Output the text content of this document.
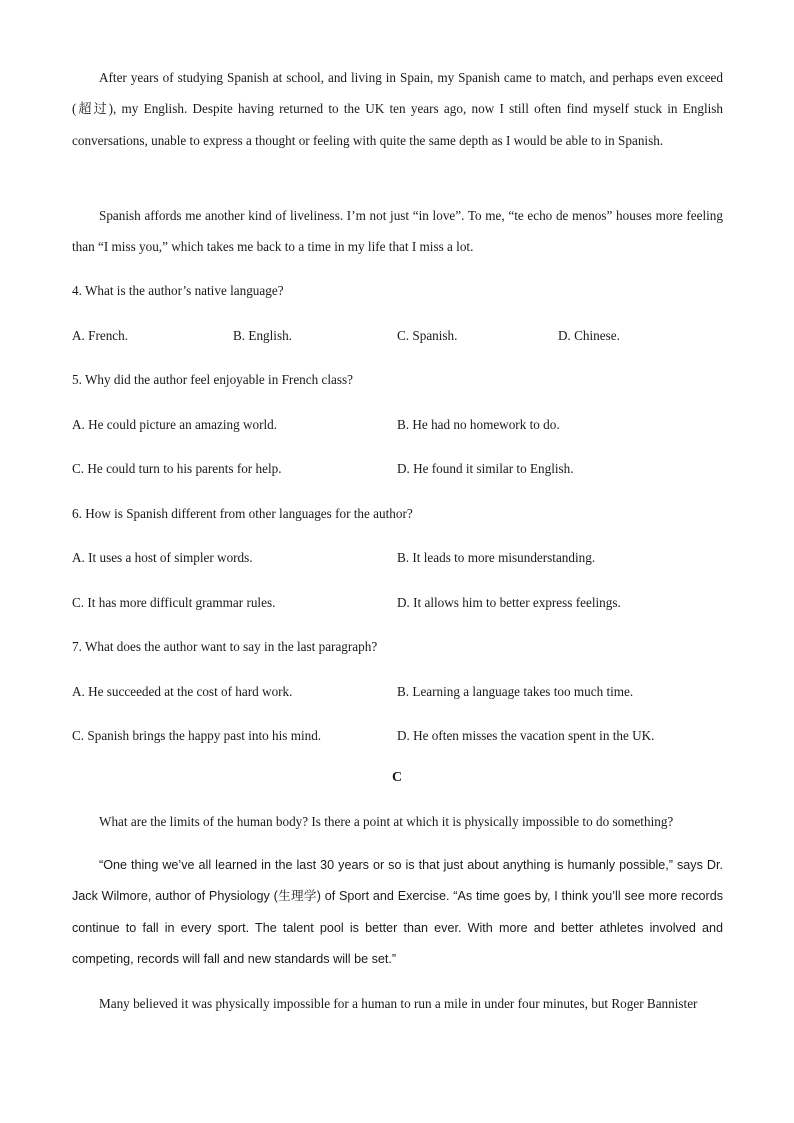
After years of studying Spanish at school, and living in Spain, my Spanish came to match, and perhaps even exceed (超过), my English. Despite having returned to the UK ten years ago, now I still often find myself stuck in English conversations, unable to express a thought or feeling with quite the same depth as I would be able to in Spanish.

Spanish affords me another kind of liveliness. I’m not just “in love”. To me, “te echo de menos” houses more feeling than “I miss you,” which takes me back to a time in my life that I miss a lot.

4. What is the author’s native language?

A. French.	B. English.	C. Spanish.	D. Chinese.

5. Why did the author feel enjoyable in French class?

A. He could picture an amazing world.	B. He had no homework to do.

C. He could turn to his parents for help.	D. He found it similar to English.

6. How is Spanish different from other languages for the author?

A. It uses a host of simpler words.	B. It leads to more misunderstanding.

C. It has more difficult grammar rules.	D. It allows him to better express feelings.

7. What does the author want to say in the last paragraph?

A. He succeeded at the cost of hard work.	B. Learning a language takes too much time.

C. Spanish brings the happy past into his mind.	D. He often misses the vacation spent in the UK.

C

What are the limits of the human body? Is there a point at which it is physically impossible to do something?

“One thing we’ve all learned in the last 30 years or so is that just about anything is humanly possible,” says Dr. Jack Wilmore, author of Physiology (生理学) of Sport and Exercise. “As time goes by, I think you’ll see more records continue to fall in every sport. The talent pool is better than ever. With more and better athletes involved and competing, records will fall and new standards will be set.”

Many believed it was physically impossible for a human to run a mile in under four minutes, but Roger Bannister
